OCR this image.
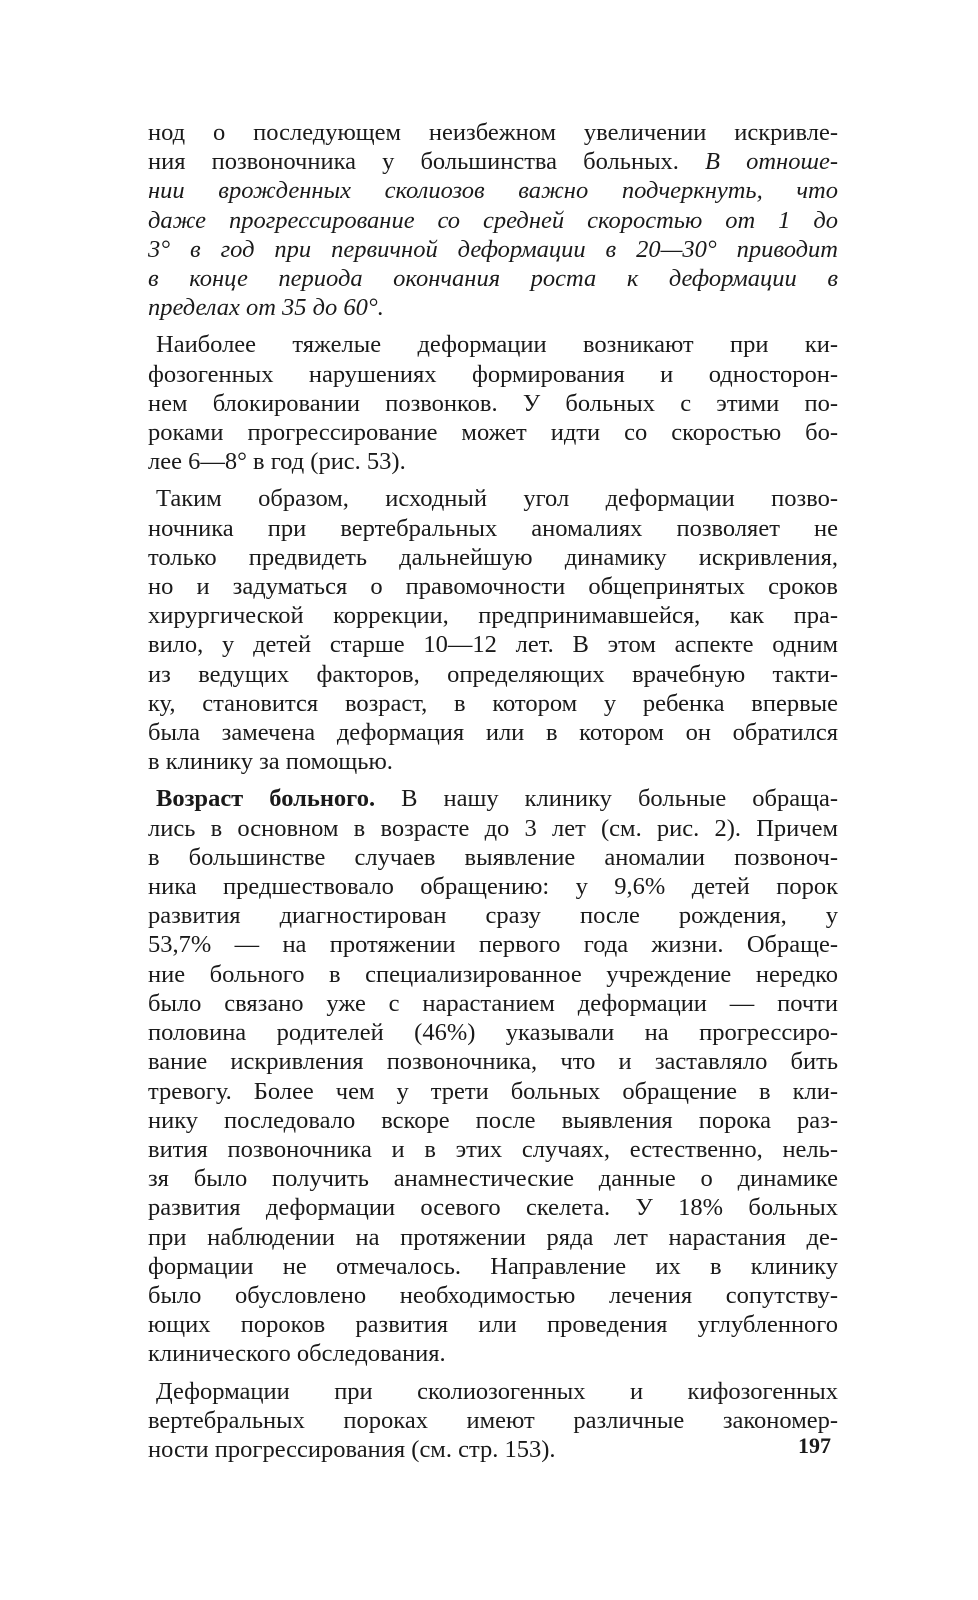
нод о последующем неизбежном увеличении искривле-
ния позвоночника у большинства больных. В отноше-
нии врожденных сколиозов важно подчеркнуть, что
даже прогрессирование со средней скоростью от 1 до
3° в год при первичной деформации в 20—30° приводит
в конце периода окончания роста к деформации в
пределах от 35 до 60°.
Наиболее тяжелые деформации возникают при ки-
фозогенных нарушениях формирования и односторон-
нем блокировании позвонков. У больных с этими по-
роками прогрессирование может идти со скоростью бо-
лее 6—8° в год (рис. 53).
Таким образом, исходный угол деформации позво-
ночника при вертебральных аномалиях позволяет не
только предвидеть дальнейшую динамику искривления,
но и задуматься о правомочности общепринятых сроков
хирургической коррекции, предпринимавшейся, как пра-
вило, у детей старше 10—12 лет. В этом аспекте одним
из ведущих факторов, определяющих врачебную такти-
ку, становится возраст, в котором у ребенка впервые
была замечена деформация или в котором он обратился
в клинику за помощью.
Возраст больного. В нашу клинику больные обраща-
лись в основном в возрасте до 3 лет (см. рис. 2). Причем
в большинстве случаев выявление аномалии позвоноч-
ника предшествовало обращению: у 9,6% детей порок
развития диагностирован сразу после рождения, у
53,7% — на протяжении первого года жизни. Обраще-
ние больного в специализированное учреждение нередко
было связано уже с нарастанием деформации — почти
половина родителей (46%) указывали на прогрессиро-
вание искривления позвоночника, что и заставляло бить
тревогу. Более чем у трети больных обращение в кли-
нику последовало вскоре после выявления порока раз-
вития позвоночника и в этих случаях, естественно, нель-
зя было получить анамнестические данные о динамике
развития деформации осевого скелета. У 18% больных
при наблюдении на протяжении ряда лет нарастания де-
формации не отмечалось. Направление их в клинику
было обусловлено необходимостью лечения сопутству-
ющих пороков развития или проведения углубленного
клинического обследования.
Деформации при сколиозогенных и кифозогенных
вертебральных пороках имеют различные закономер-
ности прогрессирования (см. стр. 153).	197
